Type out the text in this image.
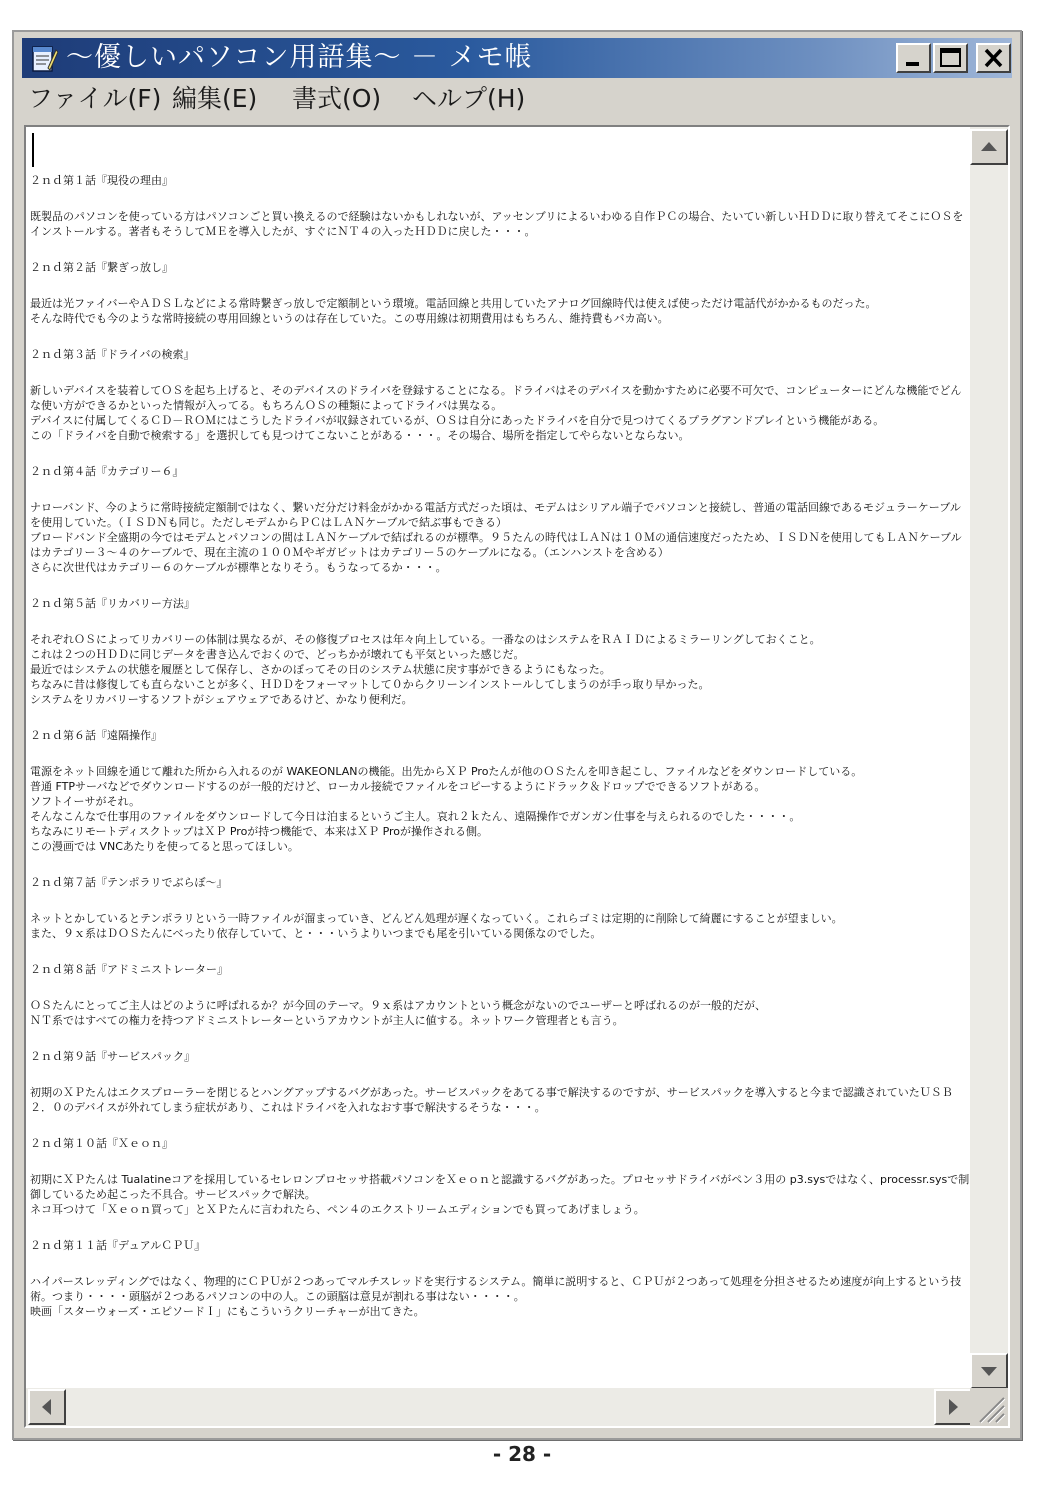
～優しいパソコン用語集～ － メモ帳
ファイル(F) 編集(E) 書式(O) ヘルプ(H)
２ｎｄ第１話『現役の理由』
既製品のパソコンを使っている方はパソコンごと買い換えるので経験はないかもしれないが、アッセンブリによるいわゆる自作ＰＣの場合、たいてい新しいＨＤＤに取り替えてそこにＯＳをインストールする。著者もそうしてＭＥを導入したが、すぐにＮＴ４の入ったＨＤＤに戻した・・・。
２ｎｄ第２話『繋ぎっ放し』
最近は光ファイバーやＡＤＳＬなどによる常時繋ぎっ放しで定額制という環境。電話回線と共用していたアナログ回線時代は使えば使っただけ電話代がかかるものだった。
そんな時代でも今のような常時接続の専用回線というのは存在していた。この専用線は初期費用はもちろん、維持費もバカ高い。
２ｎｄ第３話『ドライバの検索』
新しいデバイスを装着してＯＳを起ち上げると、そのデバイスのドライバを登録することになる。ドライバはそのデバイスを動かすために必要不可欠で、コンピューターにどんな機能でどんな使い方ができるかといった情報が入ってる。もちろんＯＳの種類によってドライバは異なる。
デバイスに付属してくるＣＤ－ＲＯＭにはこうしたドライバが収録されているが、ＯＳは自分にあったドライバを自分で見つけてくるプラグアンドプレイという機能がある。
この「ドライバを自動で検索する」を選択しても見つけてこないことがある・・・。その場合、場所を指定してやらないとならない。
２ｎｄ第４話『カテゴリー６』
ナローバンド、今のように常時接続定額制ではなく、繋いだ分だけ料金がかかる電話方式だった頃は、モデムはシリアル端子でパソコンと接続し、普通の電話回線であるモジュラーケーブルを使用していた。（ＩＳＤＮも同じ。ただしモデムからＰＣはＬＡＮケーブルで結ぶ事もできる）
ブロードバンド全盛期の今ではモデムとパソコンの間はＬＡＮケーブルで結ばれるのが標準。９５たんの時代はＬＡＮは１０Ｍの通信速度だったため、ＩＳＤＮを使用してもＬＡＮケーブルはカテゴリー３～４のケーブルで、現在主流の１００Ｍやギガビットはカテゴリー５のケーブルになる。（エンハンストを含める）
さらに次世代はカテゴリー６のケーブルが標準となりそう。もうなってるか・・・。
２ｎｄ第５話『リカバリー方法』
それぞれＯＳによってリカバリーの体制は異なるが、その修復プロセスは年々向上している。一番なのはシステムをＲＡＩＤによるミラーリングしておくこと。
これは２つのＨＤＤに同じデータを書き込んでおくので、どっちかが壊れても平気といった感じだ。
最近ではシステムの状態を履歴として保存し、さかのぼってその日のシステム状態に戻す事ができるようにもなった。
ちなみに昔は修復しても直らないことが多く、ＨＤＤをフォーマットして０からクリーンインストールしてしまうのが手っ取り早かった。
システムをリカバリーするソフトがシェアウェアであるけど、かなり便利だ。
２ｎｄ第６話『遠隔操作』
電源をネット回線を通じて離れた所から入れるのが WAKEONLANの機能。出先からＸＰ Proたんが他のＯＳたんを叩き起こし、ファイルなどをダウンロードしている。
普通 FTPサーバなどでダウンロードするのが一般的だけど、ローカル接続でファイルをコピーするようにドラック＆ドロップでできるソフトがある。
ソフトイーサがそれ。
そんなこんなで仕事用のファイルをダウンロードして今日は泊まるというご主人。哀れ２ｋたん、遠隔操作でガンガン仕事を与えられるのでした・・・・。
ちなみにリモートディスクトップはＸＰ Proが持つ機能で、本来はＸＰ Proが操作される側。
この漫画では VNCあたりを使ってると思ってほしい。
２ｎｄ第７話『テンポラリでぶらぼ～』
ネットとかしているとテンポラリという一時ファイルが溜まっていき、どんどん処理が遅くなっていく。これらゴミは定期的に削除して綺麗にすることが望ましい。
また、９ｘ系はＤＯＳたんにべったり依存していて、と・・・いうよりいつまでも尾を引いている関係なのでした。
２ｎｄ第８話『アドミニストレーター』
ＯＳたんにとってご主人はどのように呼ばれるか？が今回のテーマ。９ｘ系はアカウントという概念がないのでユーザーと呼ばれるのが一般的だが、
ＮＴ系ではすべての権力を持つアドミニストレーターというアカウントが主人に値する。ネットワーク管理者とも言う。
２ｎｄ第９話『サービスパック』
初期のＸＰたんはエクスプローラーを閉じるとハングアップするバグがあった。サービスパックをあてる事で解決するのですが、サービスパックを導入すると今まで認識されていたＵＳＢ２．０のデバイスが外れてしまう症状があり、これはドライバを入れなおす事で解決するそうな・・・。
２ｎｄ第１０話『Ｘｅｏｎ』
初期にＸＰたんは Tualatineコアを採用しているセレロンプロセッサ搭載パソコンをＸｅｏｎと認識するバグがあった。プロセッサドライバがペン３用の p3.sysではなく、processr.sysで制御しているため起こった不具合。サービスパックで解決。
ネコ耳つけて「Ｘｅｏｎ買って」とＸＰたんに言われたら、ペン４のエクストリームエディションでも買ってあげましょう。
２ｎｄ第１１話『デュアルＣＰＵ』
ハイパースレッディングではなく、物理的にＣＰＵが２つあってマルチスレッドを実行するシステム。簡単に説明すると、ＣＰＵが２つあって処理を分担させるため速度が向上するという技術。つまり・・・・頭脳が２つあるパソコンの中の人。この頭脳は意見が割れる事はない・・・・。
映画「スターウォーズ・エピソードＩ」にもこういうクリーチャーが出てきた。
- 28 -
